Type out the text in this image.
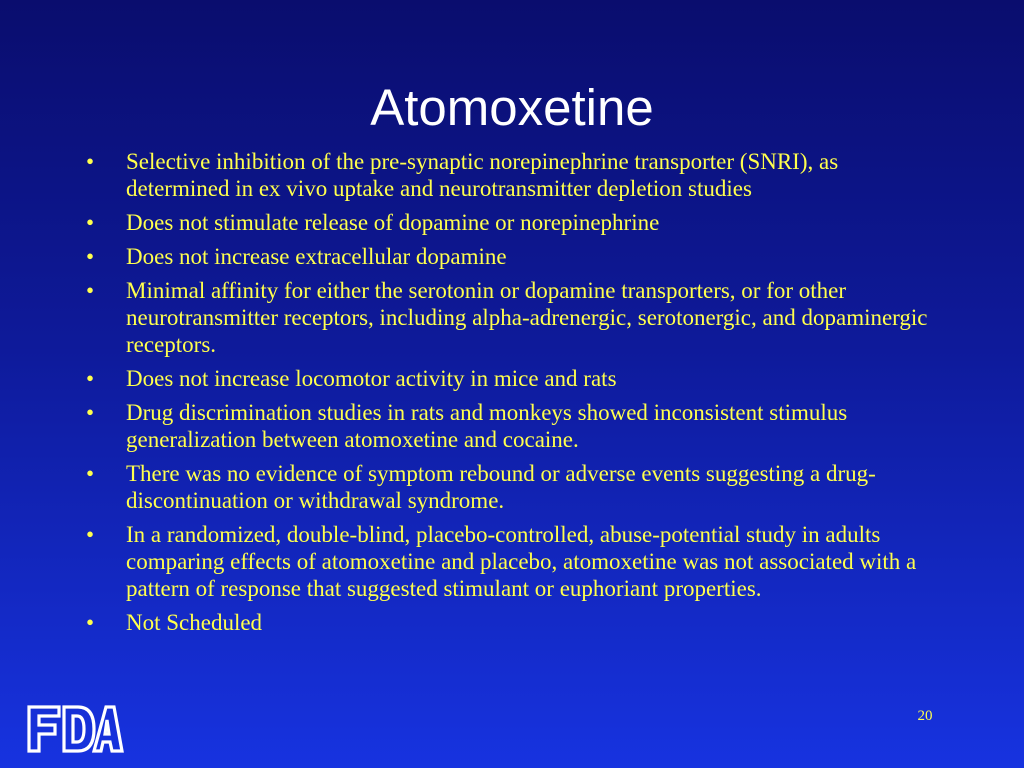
Atomoxetine
• Selective inhibition of the pre-synaptic norepinephrine transporter (SNRI), as determined in ex vivo uptake and neurotransmitter depletion studies
• Does not stimulate release of dopamine or norepinephrine
• Does not increase extracellular dopamine
• Minimal affinity for either the serotonin or dopamine transporters, or for other neurotransmitter receptors, including alpha-adrenergic, serotonergic, and dopaminergic receptors.
• Does not increase locomotor activity in mice and rats
• Drug discrimination studies in rats and monkeys showed inconsistent stimulus generalization between atomoxetine and cocaine.
• There was no evidence of symptom rebound or adverse events suggesting a drug-discontinuation or withdrawal syndrome.
• In a randomized, double-blind, placebo-controlled, abuse-potential study in adults comparing effects of atomoxetine and placebo, atomoxetine was not associated with a pattern of response that suggested stimulant or euphoriant properties.
• Not Scheduled
20
